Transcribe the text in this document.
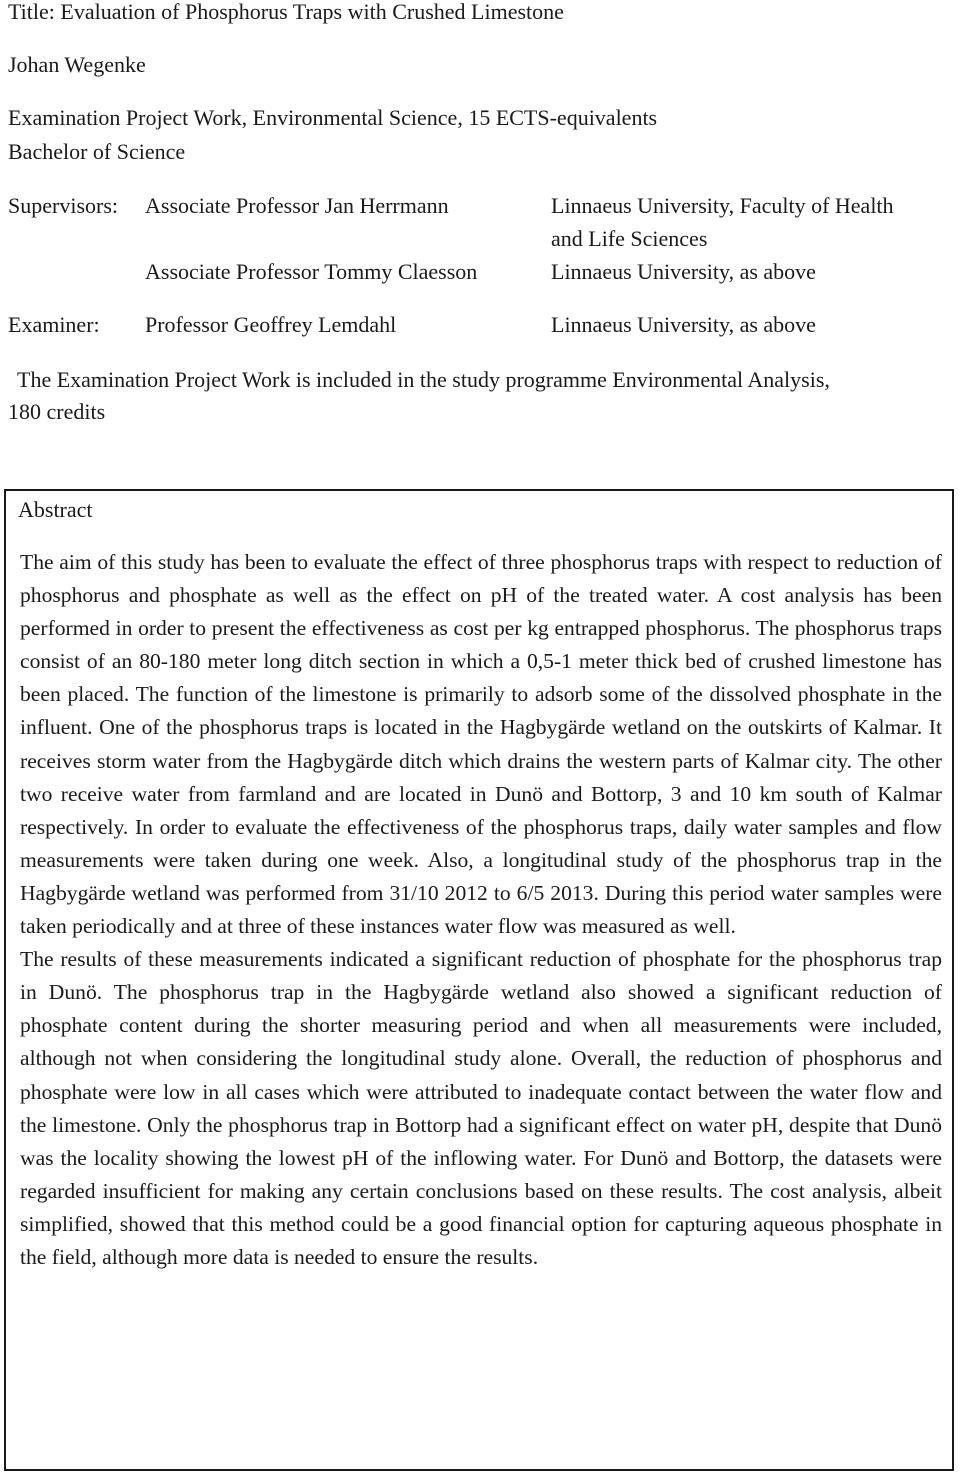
Title: Evaluation of Phosphorus Traps with Crushed Limestone
Johan Wegenke
Examination Project Work, Environmental Science, 15 ECTS-equivalents
Bachelor of Science
Supervisors: Associate Professor Jan Herrmann	Linnaeus University, Faculty of Health
and Life Sciences
Associate Professor Tommy Claesson	Linnaeus University, as above
Examiner: Professor Geoffrey Lemdahl	Linnaeus University, as above
The Examination Project Work is included in the study programme Environmental Analysis,
180 credits
Abstract

The aim of this study has been to evaluate the effect of three phosphorus traps with respect to reduction of phosphorus and phosphate as well as the effect on pH of the treated water. A cost analysis has been performed in order to present the effectiveness as cost per kg entrapped phosphorus. The phosphorus traps consist of an 80-180 meter long ditch section in which a 0,5-1 meter thick bed of crushed limestone has been placed. The function of the limestone is primarily to adsorb some of the dissolved phosphate in the influent. One of the phosphorus traps is located in the Hagbygärde wetland on the outskirts of Kalmar. It receives storm water from the Hagbygärde ditch which drains the western parts of Kalmar city. The other two receive water from farmland and are located in Dunö and Bottorp, 3 and 10 km south of Kalmar respectively. In order to evaluate the effectiveness of the phosphorus traps, daily water samples and flow measurements were taken during one week. Also, a longitudinal study of the phosphorus trap in the Hagbygärde wetland was performed from 31/10 2012 to 6/5 2013. During this period water samples were taken periodically and at three of these instances water flow was measured as well.

The results of these measurements indicated a significant reduction of phosphate for the phosphorus trap in Dunö. The phosphorus trap in the Hagbygärde wetland also showed a significant reduction of phosphate content during the shorter measuring period and when all measurements were included, although not when considering the longitudinal study alone. Overall, the reduction of phosphorus and phosphate were low in all cases which were attributed to inadequate contact between the water flow and the limestone. Only the phosphorus trap in Bottorp had a significant effect on water pH, despite that Dunö was the locality showing the lowest pH of the inflowing water. For Dunö and Bottorp, the datasets were regarded insufficient for making any certain conclusions based on these results. The cost analysis, albeit simplified, showed that this method could be a good financial option for capturing aqueous phosphate in the field, although more data is needed to ensure the results.
